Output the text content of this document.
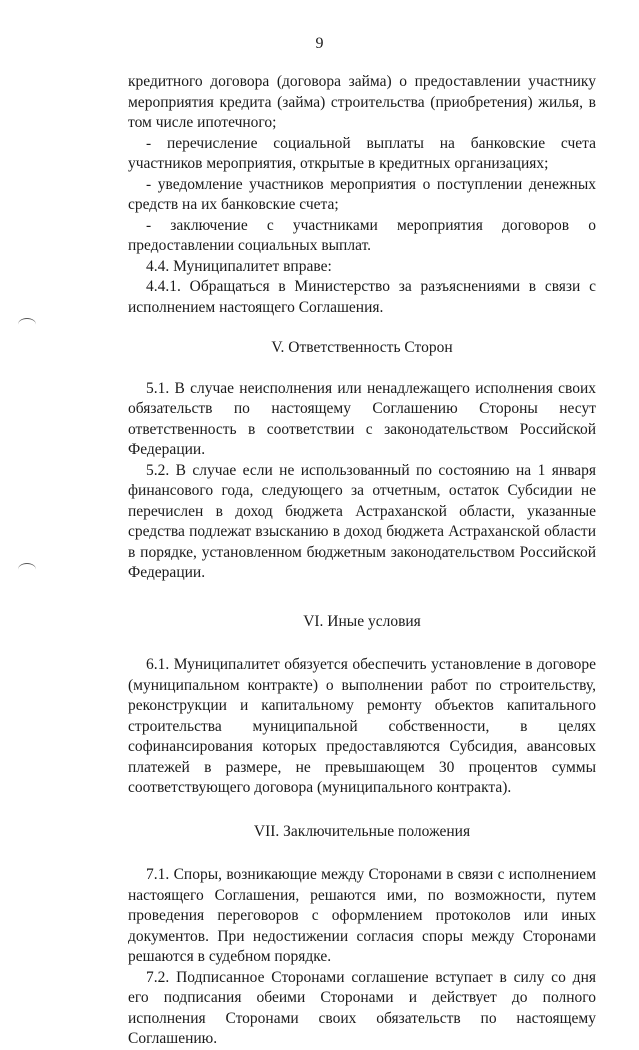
9

кредитного договора (договора займа) о предоставлении участнику мероприятия кредита (займа) строительства (приобретения) жилья, в том числе ипотечного;

- перечисление социальной выплаты на банковские счета участников мероприятия, открытые в кредитных организациях;

- уведомление участников мероприятия о поступлении денежных средств на их банковские счета;

- заключение с участниками мероприятия договоров о предоставлении социальных выплат.

4.4. Муниципалитет вправе:

4.4.1. Обращаться в Министерство за разъяснениями в связи с исполнением настоящего Соглашения.

V. Ответственность Сторон

5.1. В случае неисполнения или ненадлежащего исполнения своих обязательств по настоящему Соглашению Стороны несут ответственность в соответствии с законодательством Российской Федерации.

5.2. В случае если не использованный по состоянию на 1 января финансового года, следующего за отчетным, остаток Субсидии не перечислен в доход бюджета Астраханской области, указанные средства подлежат взысканию в доход бюджета Астраханской области в порядке, установленном бюджетным законодательством Российской Федерации.

VI. Иные условия

6.1. Муниципалитет обязуется обеспечить установление в договоре (муниципальном контракте) о выполнении работ по строительству, реконструкции и капитальному ремонту объектов капитального строительства муниципальной собственности, в целях софинансирования которых предоставляются Субсидия, авансовых платежей в размере, не превышающем 30 процентов суммы соответствующего договора (муниципального контракта).

VII. Заключительные положения

7.1. Споры, возникающие между Сторонами в связи с исполнением настоящего Соглашения, решаются ими, по возможности, путем проведения переговоров с оформлением протоколов или иных документов. При недостижении согласия споры между Сторонами решаются в судебном порядке.

7.2. Подписанное Сторонами соглашение вступает в силу со дня его подписания обеими Сторонами и действует до полного исполнения Сторонами своих обязательств по настоящему Соглашению.
